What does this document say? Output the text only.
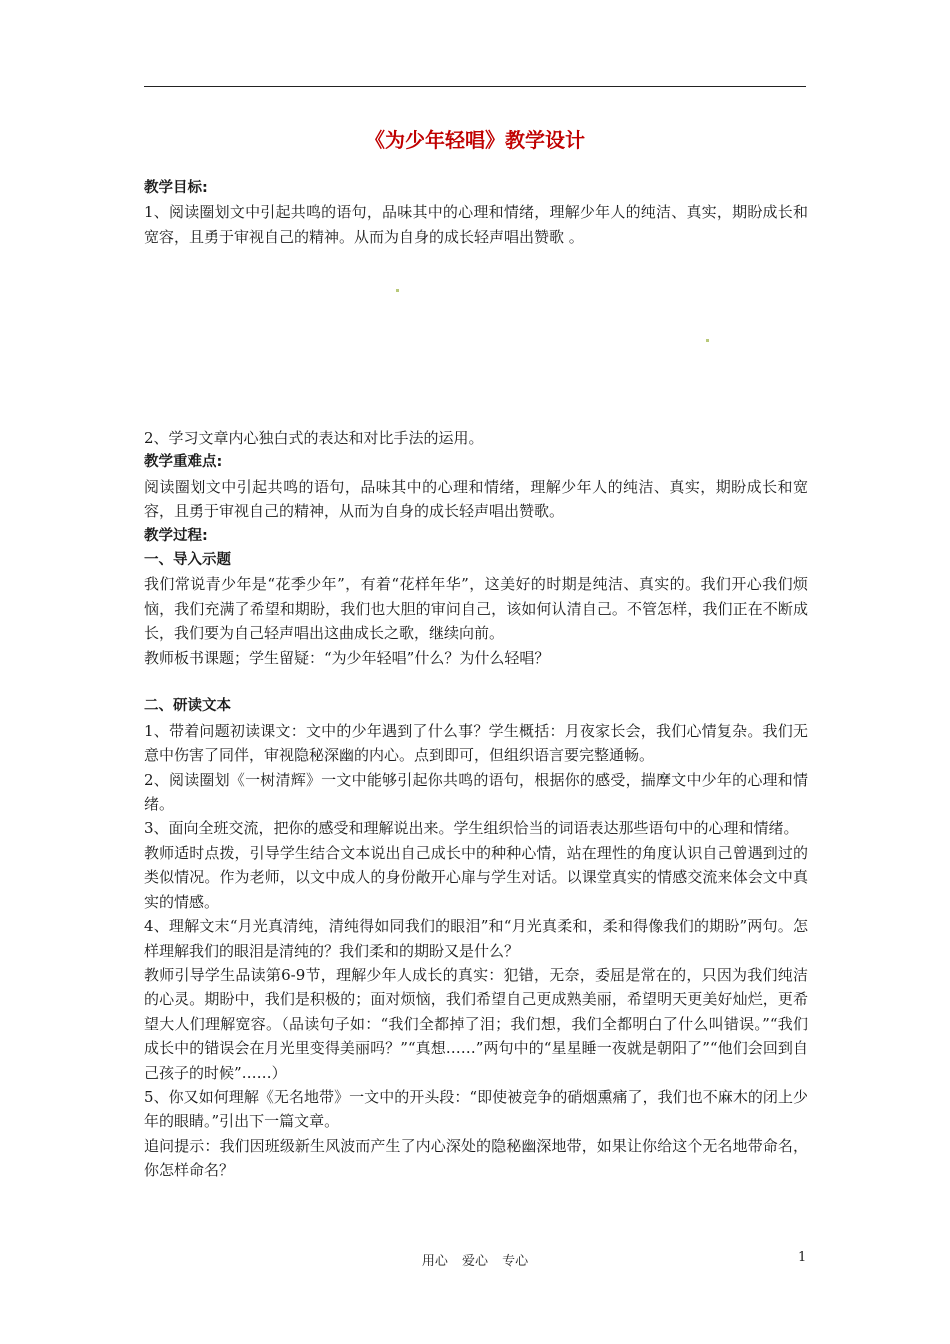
《为少年轻唱》教学设计

教学目标:

1、阅读圈划文中引起共鸣的语句，品味其中的心理和情绪，理解少年人的纯洁、真实，期盼成长和宽容，且勇于审视自己的精神。从而为自身的成长轻声唱出赞歌 。

2、学习文章内心独白式的表达和对比手法的运用。

教学重难点:

阅读圈划文中引起共鸣的语句，品味其中的心理和情绪，理解少年人的纯洁、真实，期盼成长和宽容，且勇于审视自己的精神，从而为自身的成长轻声唱出赞歌。

教学过程:

一、导入示题

我们常说青少年是“花季少年”，有着“花样年华”，这美好的时期是纯洁、真实的。我们开心我们烦恼，我们充满了希望和期盼，我们也大胆的审问自己，该如何认清自己。不管怎样，我们正在不断成长，我们要为自己轻声唱出这曲成长之歌，继续向前。

教师板书课题；学生留疑：“为少年轻唱”什么？为什么轻唱？

二、研读文本

1、带着问题初读课文：文中的少年遇到了什么事？学生概括：月夜家长会，我们心情复杂。我们无意中伤害了同伴，审视隐秘深幽的内心。点到即可，但组织语言要完整通畅。

2、阅读圈划《一树清辉》一文中能够引起你共鸣的语句，根据你的感受，揣摩文中少年的心理和情绪。

3、面向全班交流，把你的感受和理解说出来。学生组织恰当的词语表达那些语句中的心理和情绪。

教师适时点拨，引导学生结合文本说出自己成长中的种种心情，站在理性的角度认识自己曾遇到过的类似情况。作为老师，以文中成人的身份敞开心扉与学生对话。以课堂真实的情感交流来体会文中真实的情感。

4、理解文末“月光真清纯，清纯得如同我们的眼泪”和“月光真柔和，柔和得像我们的期盼”两句。怎样理解我们的眼泪是清纯的？我们柔和的期盼又是什么？

教师引导学生品读第6-9节，理解少年人成长的真实：犯错，无奈，委屈是常在的，只因为我们纯洁的心灵。期盼中，我们是积极的；面对烦恼，我们希望自己更成熟美丽，希望明天更美好灿烂，更希望大人们理解宽容。（品读句子如：“我们全都掉了泪；我们想，我们全都明白了什么叫错误。”“我们成长中的错误会在月光里变得美丽吗？”“真想……”两句中的“星星睡一夜就是朝阳了”“他们会回到自己孩子的时候”……）

5、你又如何理解《无名地带》一文中的开头段：“即使被竞争的硝烟熏痛了，我们也不麻木的闭上少年的眼睛。”引出下一篇文章。

追问提示：我们因班级新生风波而产生了内心深处的隐秘幽深地带，如果让你给这个无名地带命名，你怎样命名？

用心 爱心 专心	1
